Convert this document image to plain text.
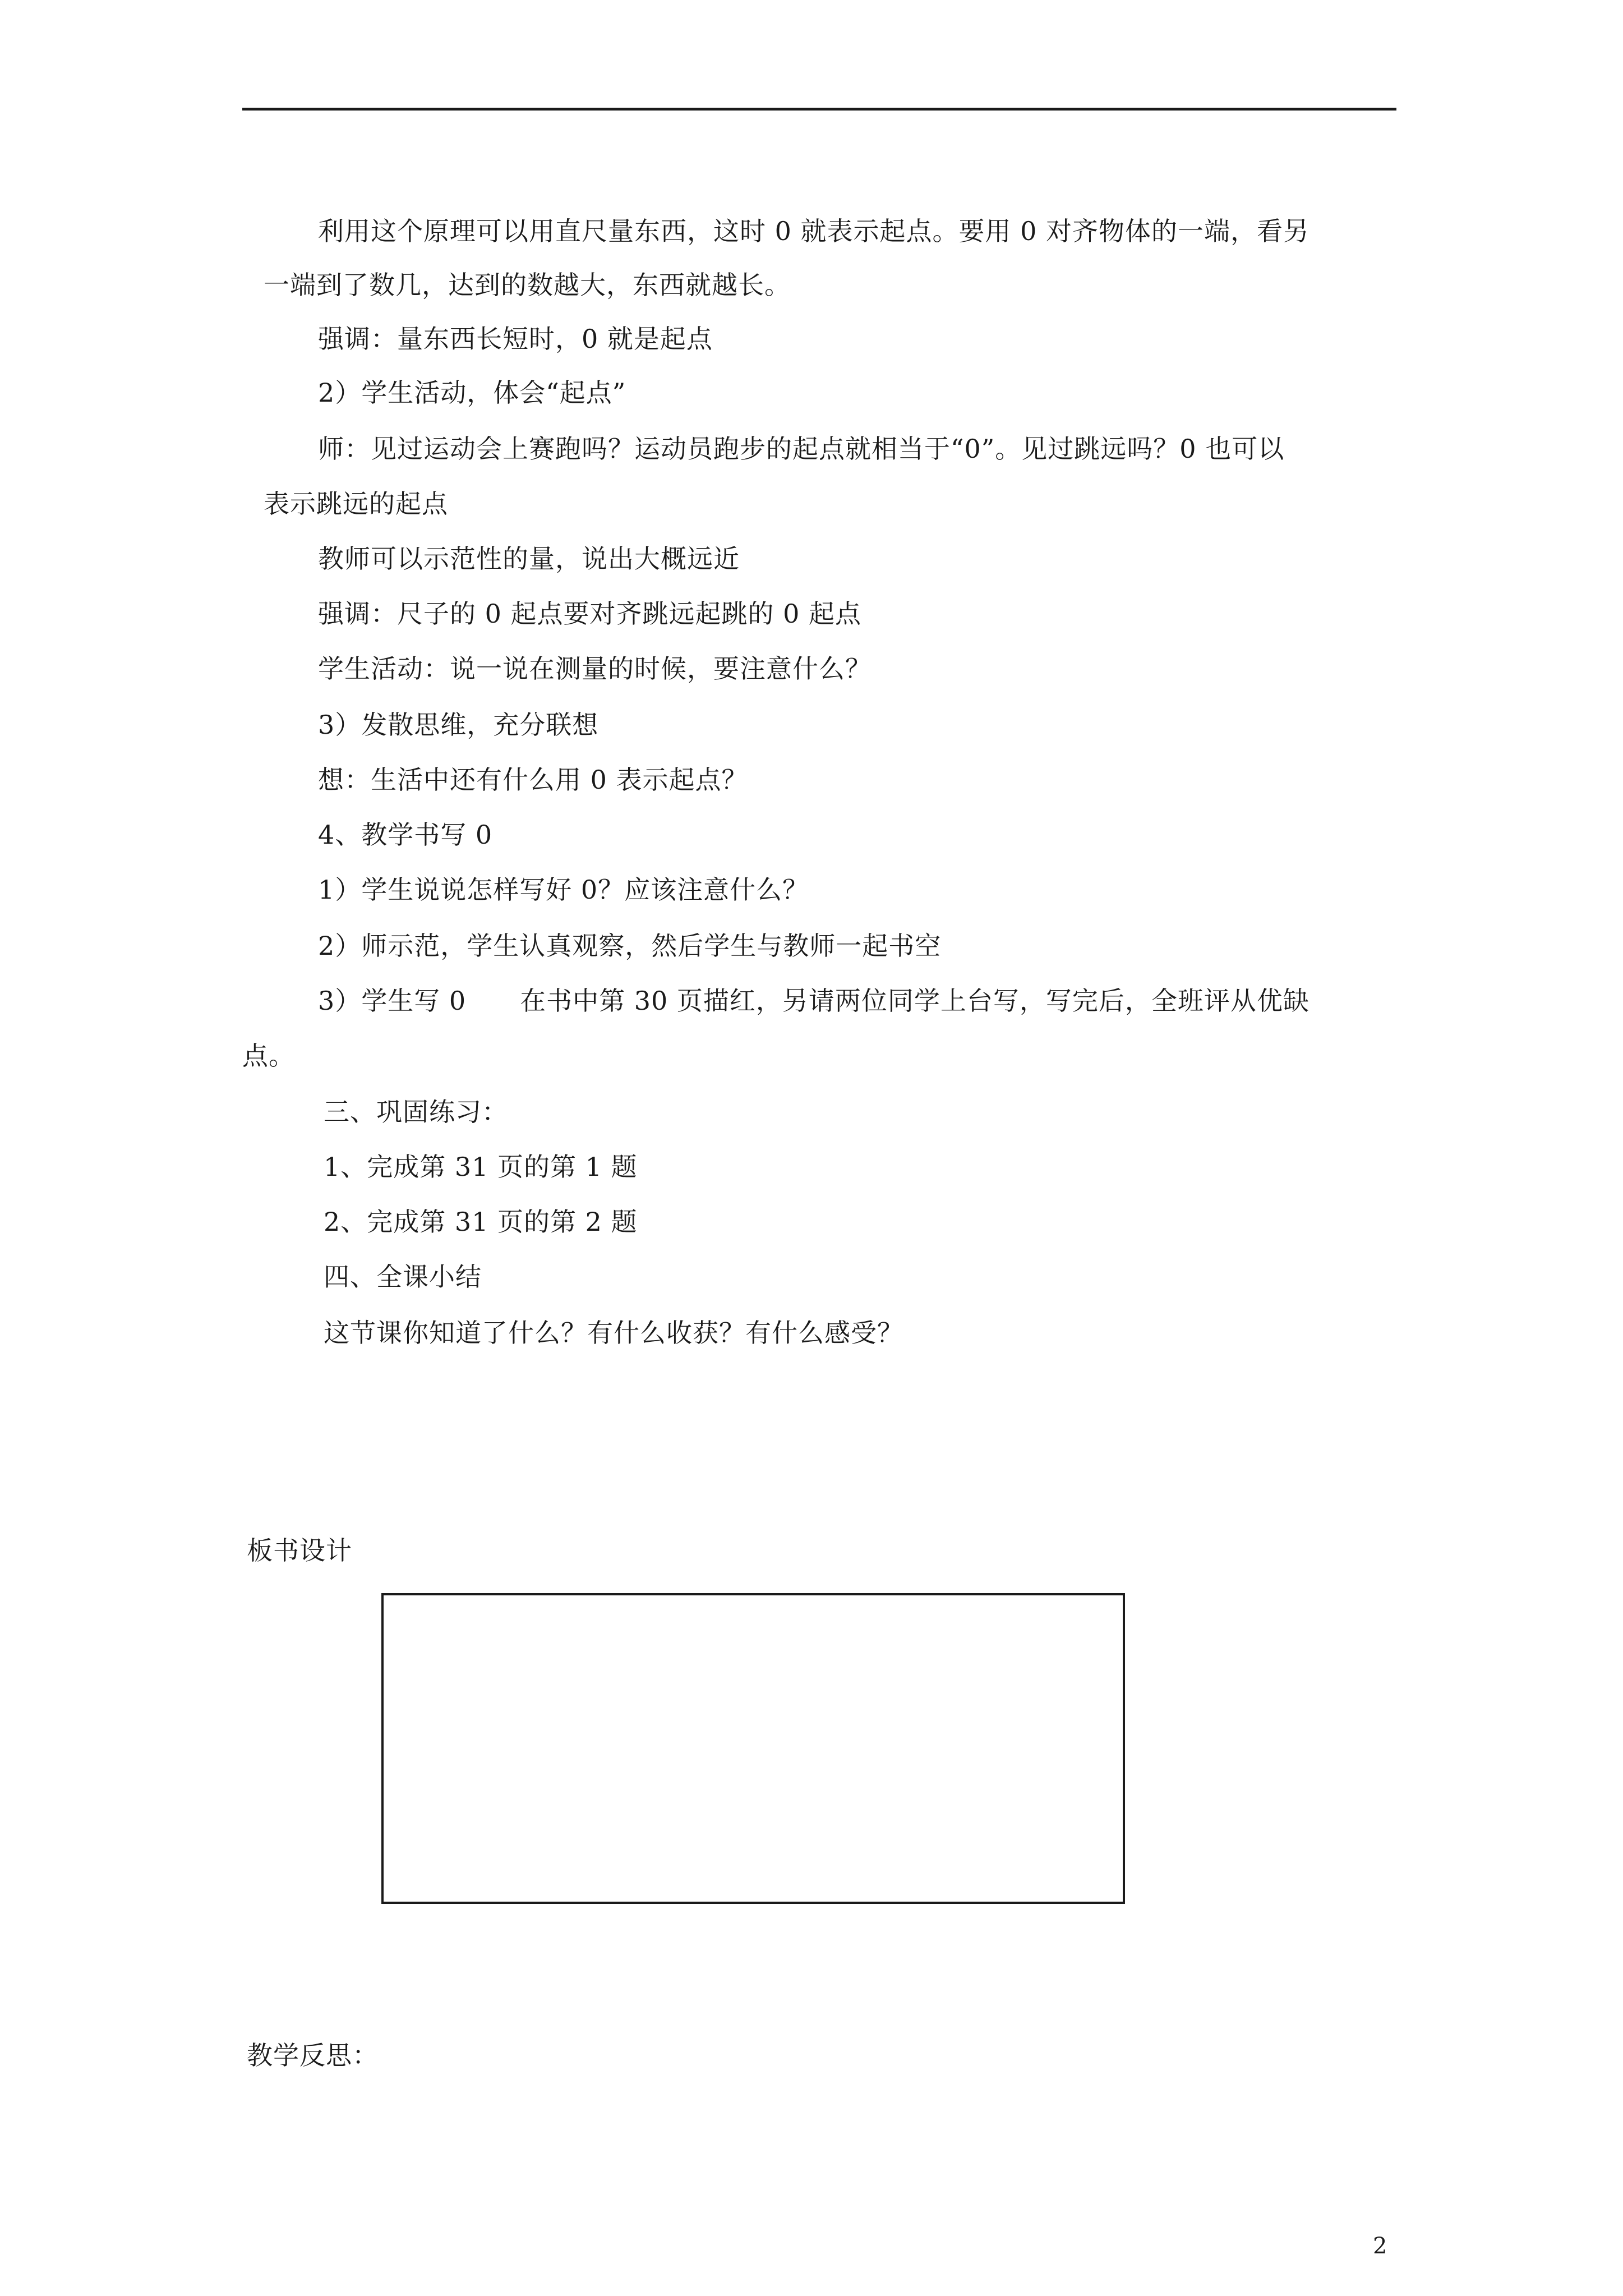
利用这个原理可以用直尺量东西，这时 0 就表示起点。要用 0 对齐物体的一端，看另
一端到了数几，达到的数越大，东西就越长。
强调：量东西长短时，0 就是起点
2）学生活动，体会“起点”
师：见过运动会上赛跑吗？运动员跑步的起点就相当于“0”。见过跳远吗？0 也可以
表示跳远的起点
教师可以示范性的量，说出大概远近
强调：尺子的 0 起点要对齐跳远起跳的 0 起点
学生活动：说一说在测量的时候，要注意什么？
3）发散思维，充分联想
想：生活中还有什么用 0 表示起点？
4、教学书写 0
1）学生说说怎样写好 0？应该注意什么？
2）师示范，学生认真观察，然后学生与教师一起书空
3）学生写 0 在书中第 30 页描红，另请两位同学上台写，写完后，全班评从优缺
点。
三、巩固练习：
1、完成第 31 页的第 1 题
2、完成第 31 页的第 2 题
四、全课小结
这节课你知道了什么？有什么收获？有什么感受？
板书设计
教学反思：
2
